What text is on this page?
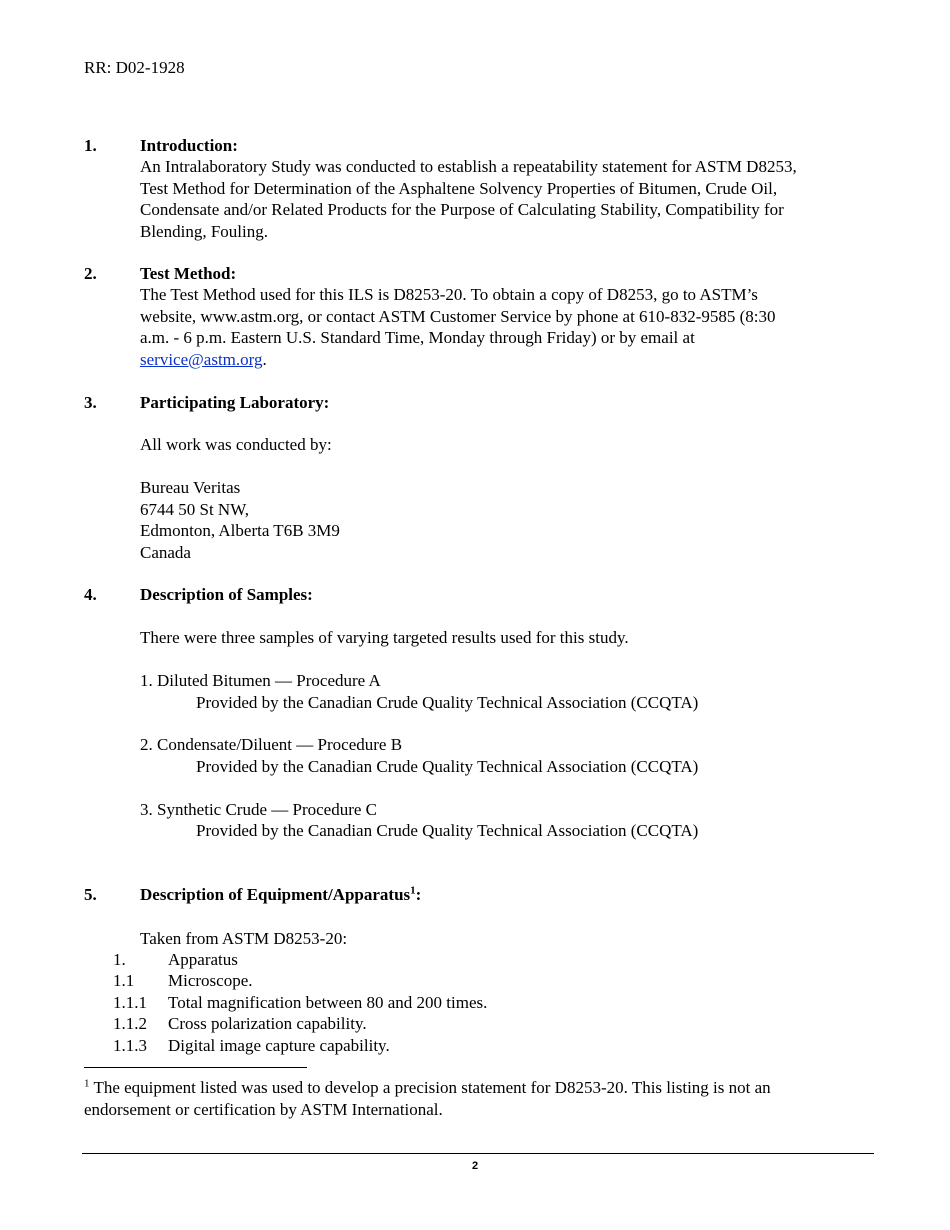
RR: D02-1928
1.	Introduction:
An Intralaboratory Study was conducted to establish a repeatability statement for ASTM D8253,
Test Method for Determination of the Asphaltene Solvency Properties of Bitumen, Crude Oil,
Condensate and/or Related Products for the Purpose of Calculating Stability, Compatibility for
Blending, Fouling.
2.	Test Method:
The Test Method used for this ILS is D8253-20. To obtain a copy of D8253, go to ASTM’s
website, www.astm.org, or contact ASTM Customer Service by phone at 610-832-9585 (8:30
a.m. - 6 p.m. Eastern U.S. Standard Time, Monday through Friday) or by email at
service@astm.org.
3.	Participating Laboratory:
All work was conducted by:
Bureau Veritas
6744 50 St NW,
Edmonton, Alberta T6B 3M9
Canada
4.	Description of Samples:
There were three samples of varying targeted results used for this study.
1. Diluted Bitumen — Procedure A
Provided by the Canadian Crude Quality Technical Association (CCQTA)
2. Condensate/Diluent — Procedure B
Provided by the Canadian Crude Quality Technical Association (CCQTA)
3. Synthetic Crude — Procedure C
Provided by the Canadian Crude Quality Technical Association (CCQTA)
5.	Description of Equipment/Apparatus$^1$:
Taken from ASTM D8253-20:
1. Apparatus
1.1 Microscope.
1.1.1 Total magnification between 80 and 200 times.
1.1.2 Cross polarization capability.
1.1.3 Digital image capture capability.
$^1$ The equipment listed was used to develop a precision statement for D8253-20. This listing is not an
endorsement or certification by ASTM International.
2
